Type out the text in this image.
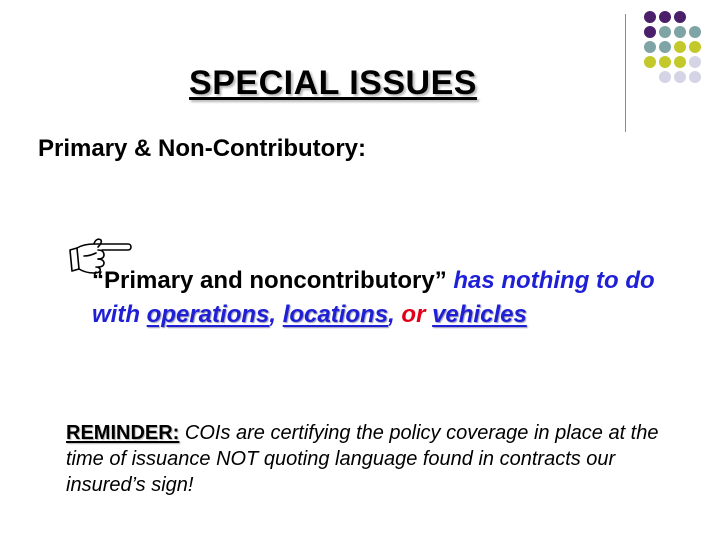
SPECIAL ISSUES
Primary & Non-Contributory:
“Primary and noncontributory” has nothing to do with operations, locations, or vehicles
REMINDER: COIs are certifying the policy coverage in place at the time of issuance NOT quoting language found in contracts our insured’s sign!
